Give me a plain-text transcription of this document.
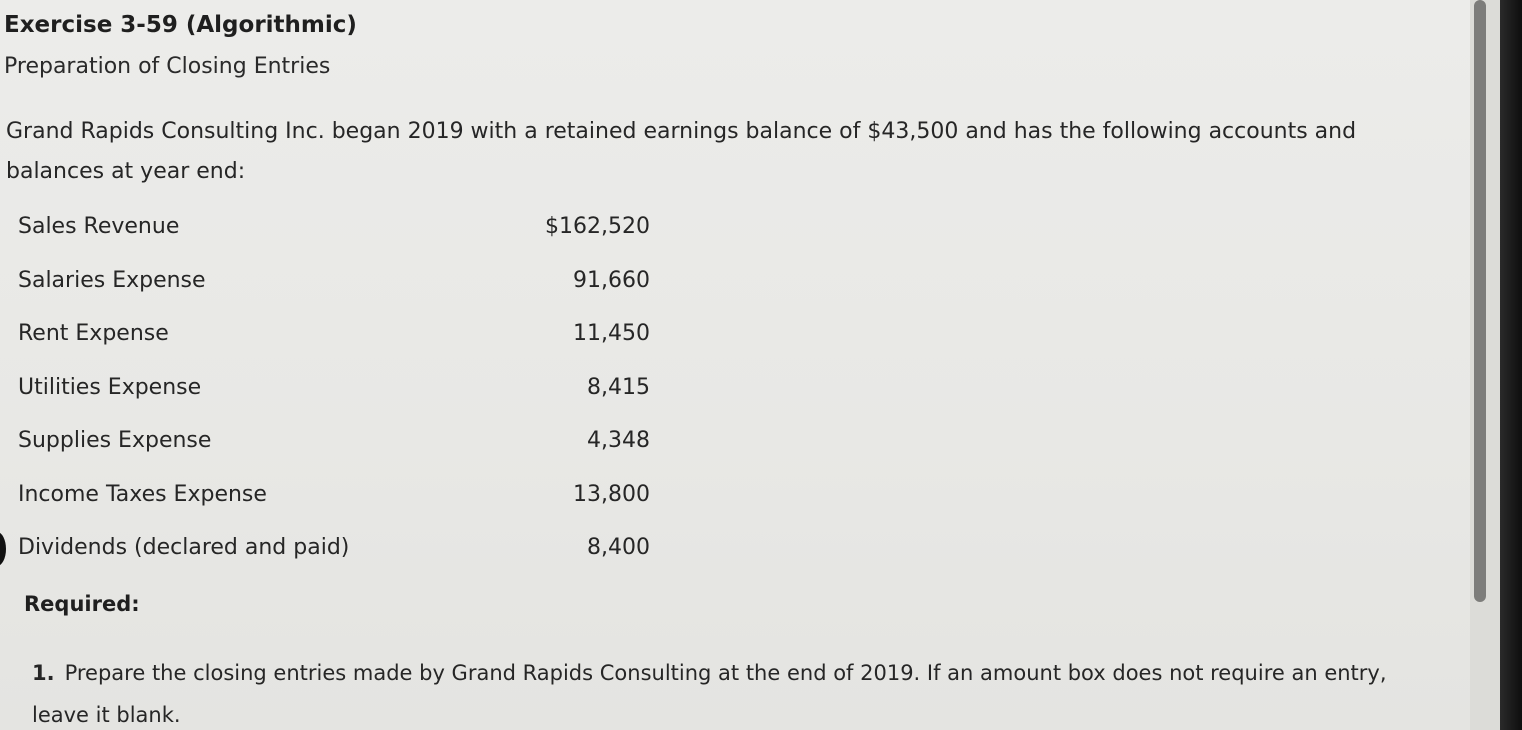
Exercise 3-59 (Algorithmic)
Preparation of Closing Entries
Grand Rapids Consulting Inc. began 2019 with a retained earnings balance of $43,500 and has the following accounts and balances at year end:
Sales Revenue	$162,520
Salaries Expense	91,660
Rent Expense	11,450
Utilities Expense	8,415
Supplies Expense	4,348
Income Taxes Expense	13,800
Dividends (declared and paid)	8,400
Required:
1. Prepare the closing entries made by Grand Rapids Consulting at the end of 2019. If an amount box does not require an entry, leave it blank.
